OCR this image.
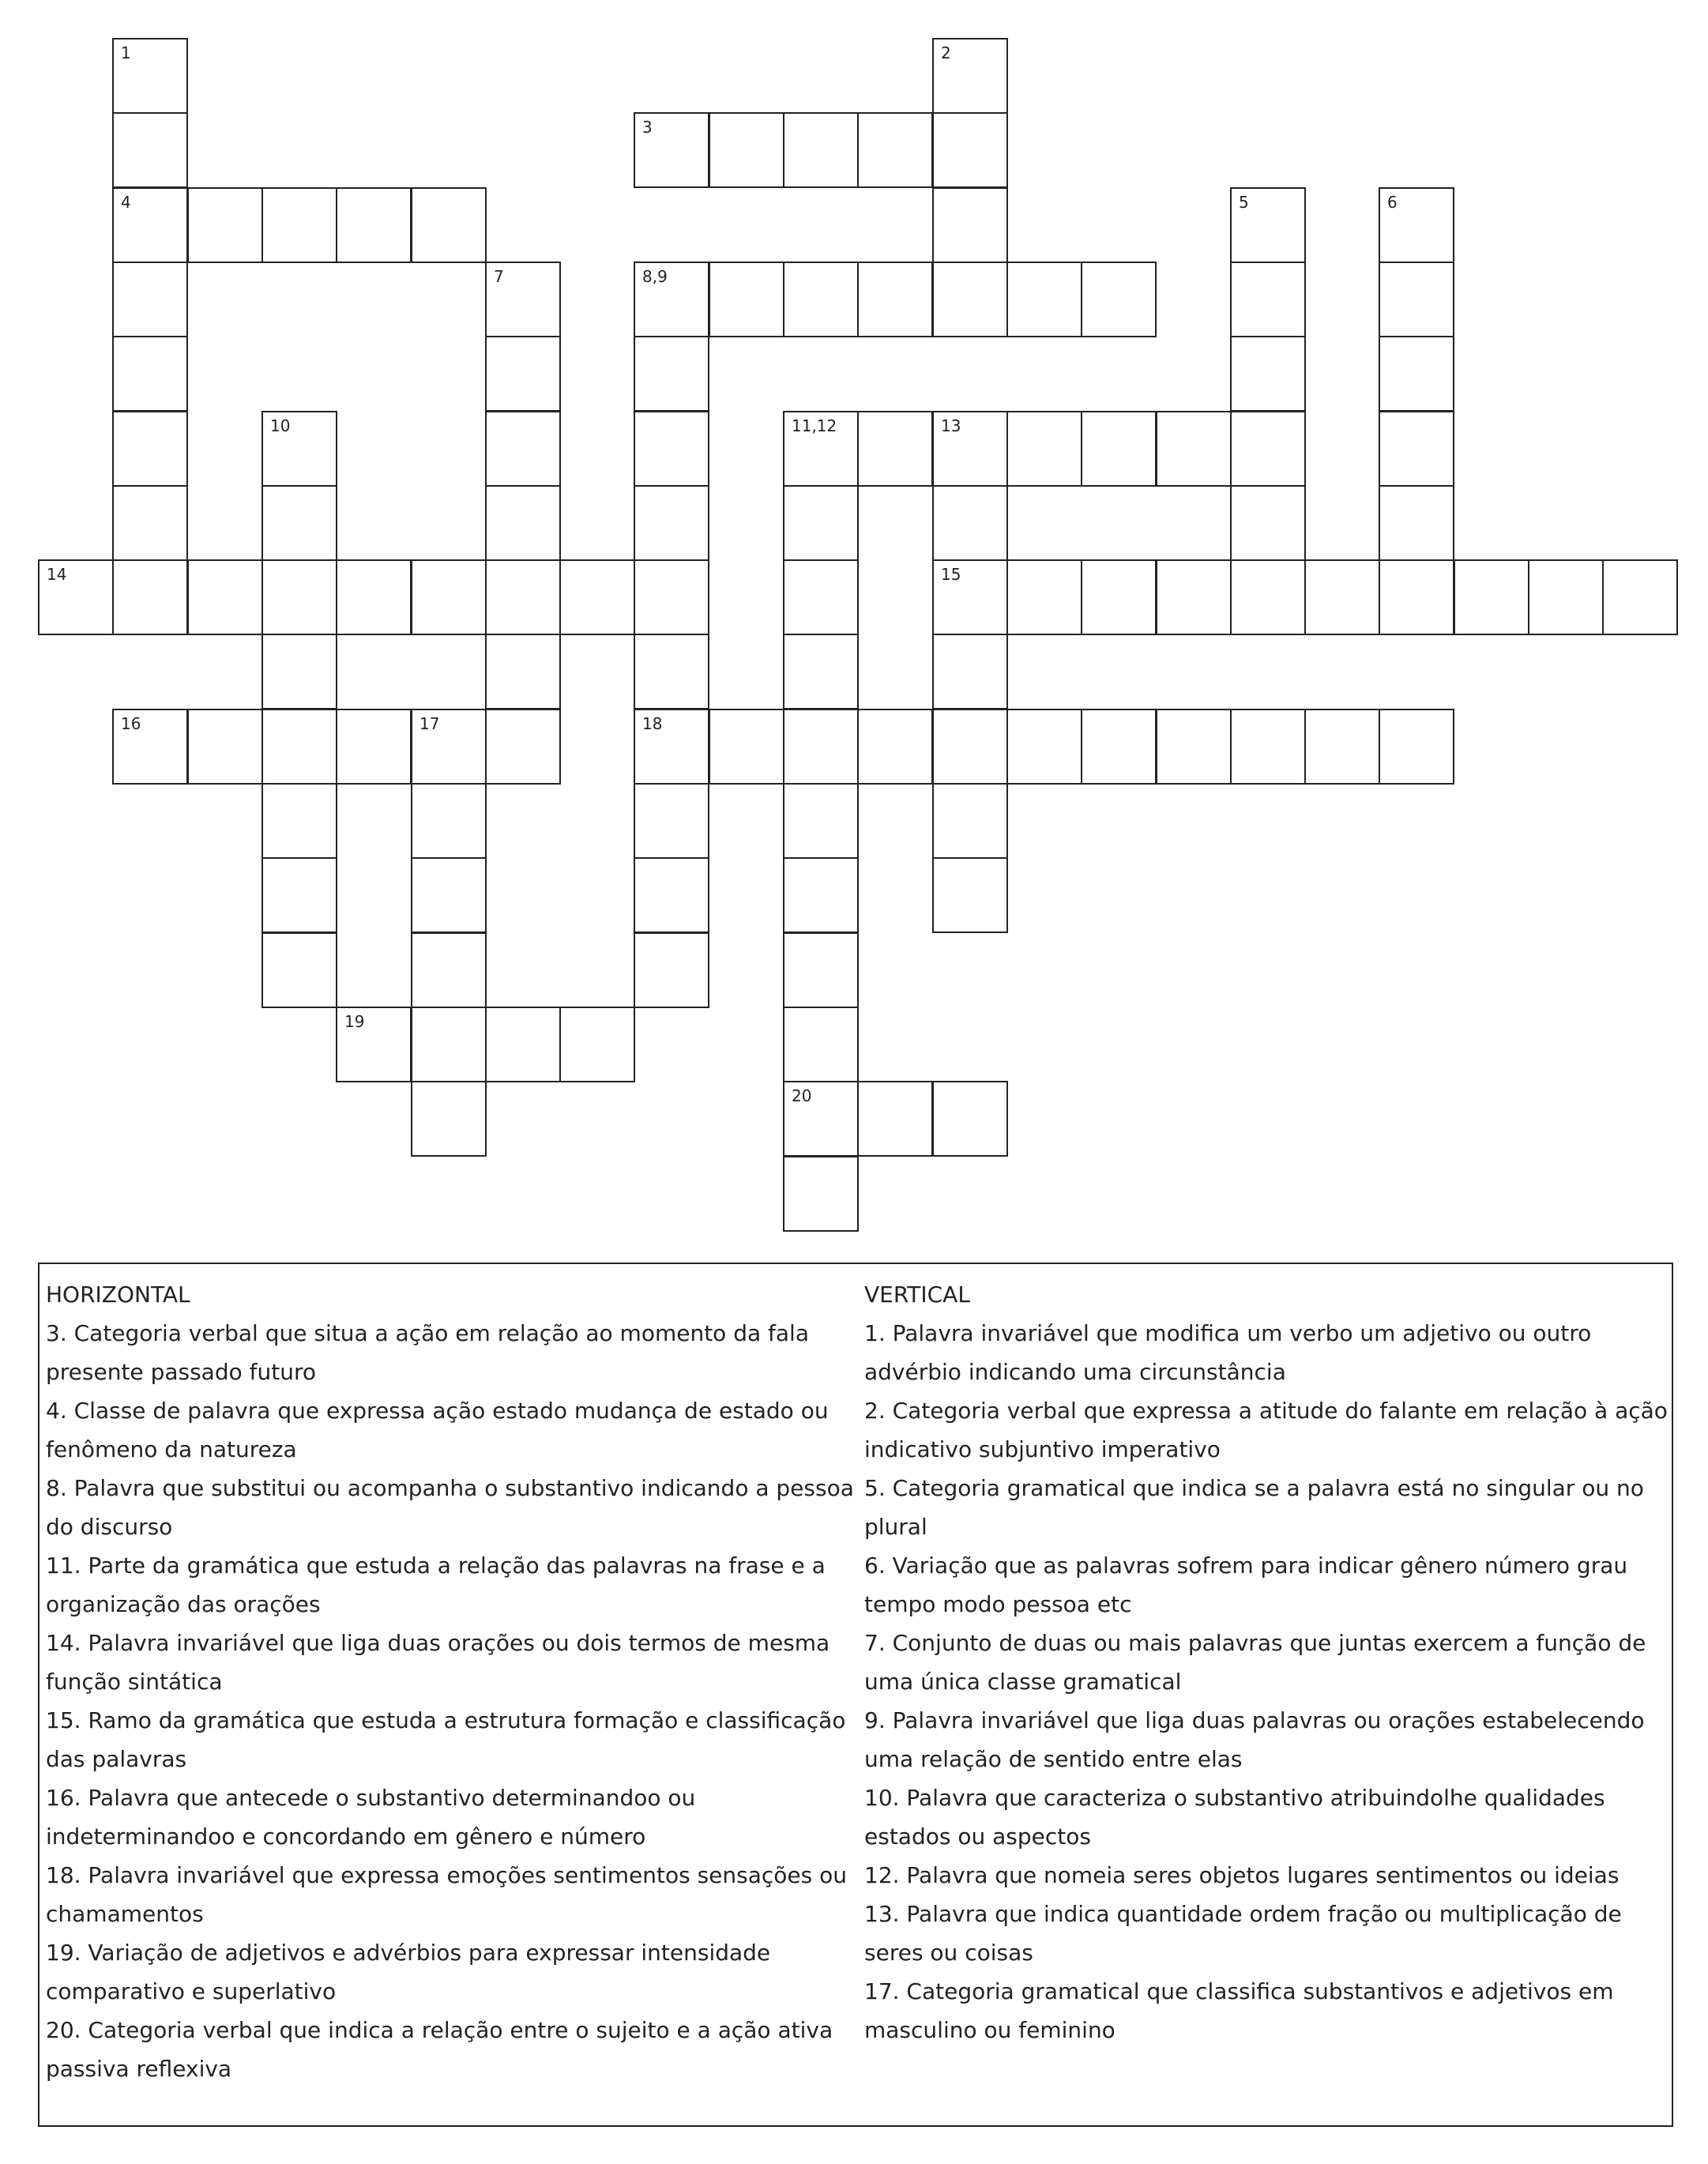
1
4
2
3
5	6
7	8,9
18
10	11,12	13
20
15
14
16	17
19
HORIZONTAL
3. Categoria verbal que situa a ação em relação ao momento da fala presente passado futuro
4. Classe de palavra que expressa ação estado mudança de estado ou fenômeno da natureza
8. Palavra que substitui ou acompanha o substantivo indicando a pessoa do discurso
11. Parte da gramática que estuda a relação das palavras na frase e a organização das orações
14. Palavra invariável que liga duas orações ou dois termos de mesma função sintática
15. Ramo da gramática que estuda a estrutura formação e classificação das palavras
16. Palavra que antecede o substantivo determinandoo ou indeterminandoo e concordando em gênero e número
18. Palavra invariável que expressa emoções sentimentos sensações ou chamamentos
19. Variação de adjetivos e advérbios para expressar intensidade comparativo e superlativo
20. Categoria verbal que indica a relação entre o sujeito e a ação ativa passiva reflexiva
VERTICAL
1. Palavra invariável que modifica um verbo um adjetivo ou outro advérbio indicando uma circunstância
2. Categoria verbal que expressa a atitude do falante em relação à ação indicativo subjuntivo imperativo
5. Categoria gramatical que indica se a palavra está no singular ou no plural
6. Variação que as palavras sofrem para indicar gênero número grau tempo modo pessoa etc
7. Conjunto de duas ou mais palavras que juntas exercem a função de uma única classe gramatical
9. Palavra invariável que liga duas palavras ou orações estabelecendo uma relação de sentido entre elas
10. Palavra que caracteriza o substantivo atribuindolhe qualidades estados ou aspectos
12. Palavra que nomeia seres objetos lugares sentimentos ou ideias
13. Palavra que indica quantidade ordem fração ou multiplicação de seres ou coisas
17. Categoria gramatical que classifica substantivos e adjetivos em masculino ou feminino
